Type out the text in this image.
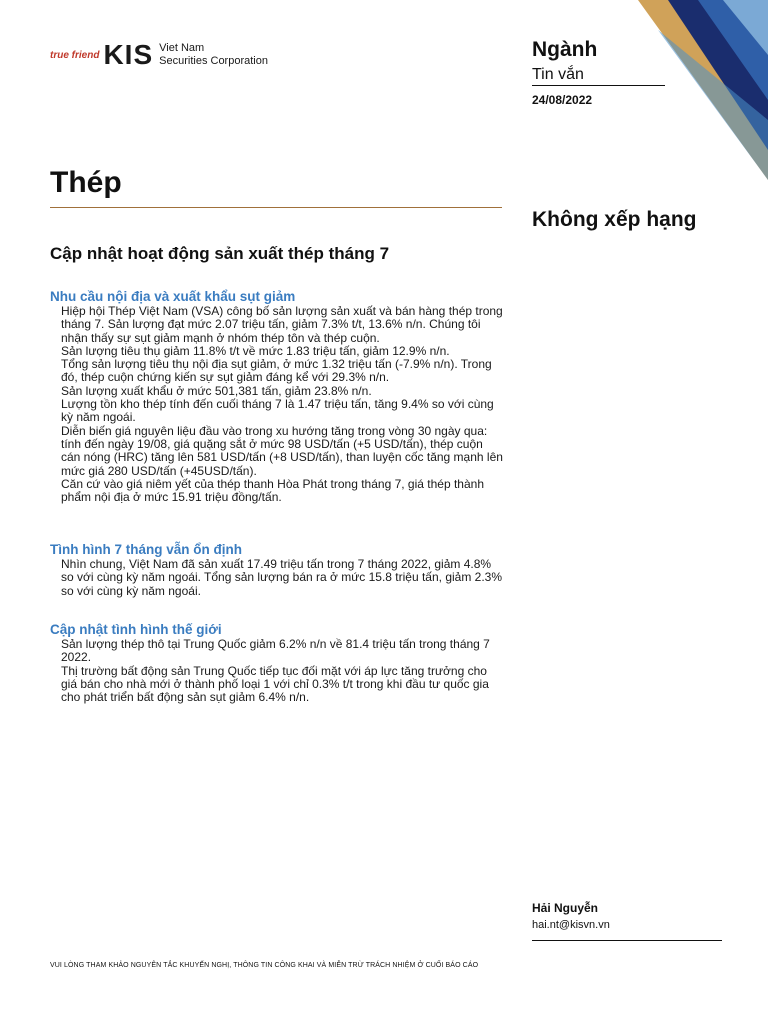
true friend KIS Viet Nam
Securities Corporation	Ngành
Tin vắn
24/08/2022
Thép
Không xếp hạng
Cập nhật hoạt động sản xuất thép tháng 7
Nhu cầu nội địa và xuất khẩu sụt giảm
Hiệp hội Thép Việt Nam (VSA) công bố sản lượng sản xuất và bán hàng thép trong tháng 7. Sản lượng đạt mức 2.07 triệu tấn, giảm 7.3% t/t, 13.6% n/n. Chúng tôi nhận thấy sự sụt giảm mạnh ở nhóm thép tôn và thép cuộn.
Sản lượng tiêu thụ giảm 11.8% t/t về mức 1.83 triệu tấn, giảm 12.9% n/n.
Tổng sản lượng tiêu thụ nội địa sụt giảm, ở mức 1.32 triệu tấn (-7.9% n/n). Trong đó, thép cuộn chứng kiến sự sụt giảm đáng kể với 29.3% n/n.
Sản lượng xuất khẩu ở mức 501,381 tấn, giảm 23.8% n/n.
Lượng tồn kho thép tính đến cuối tháng 7 là 1.47 triệu tấn, tăng 9.4% so với cùng kỳ năm ngoái.
Diễn biến giá nguyên liệu đầu vào trong xu hướng tăng trong vòng 30 ngày qua: tính đến ngày 19/08, giá quặng sắt ở mức 98 USD/tấn (+5 USD/tấn), thép cuộn cán nóng (HRC) tăng lên 581 USD/tấn (+8 USD/tấn), than luyện cốc tăng mạnh lên mức giá 280 USD/tấn (+45USD/tấn).
Căn cứ vào giá niêm yết của thép thanh Hòa Phát trong tháng 7, giá thép thành phẩm nội địa ở mức 15.91 triệu đồng/tấn.
Tình hình 7 tháng vẫn ổn định
Nhìn chung, Việt Nam đã sản xuất 17.49 triệu tấn trong 7 tháng 2022, giảm 4.8% so với cùng kỳ năm ngoái. Tổng sản lượng bán ra ở mức 15.8 triệu tấn, giảm 2.3% so với cùng kỳ năm ngoái.
Cập nhật tình hình thế giới
Sản lượng thép thô tại Trung Quốc giảm 6.2% n/n về 81.4 triệu tấn trong tháng 7 2022.
Thị trường bất động sản Trung Quốc tiếp tục đối mặt với áp lực tăng trưởng cho giá bán cho nhà mới ở thành phố loại 1 với chỉ 0.3% t/t trong khi đầu tư quốc gia cho phát triển bất động sản sụt giảm 6.4% n/n.
Hải Nguyễn
hai.nt@kisvn.vn
VUI LÒNG THAM KHẢO NGUYÊN TẮC KHUYẾN NGHỊ, THÔNG TIN CÔNG KHAI VÀ MIỄN TRỪ TRÁCH NHIỆM Ở CUỐI BÁO CÁO
